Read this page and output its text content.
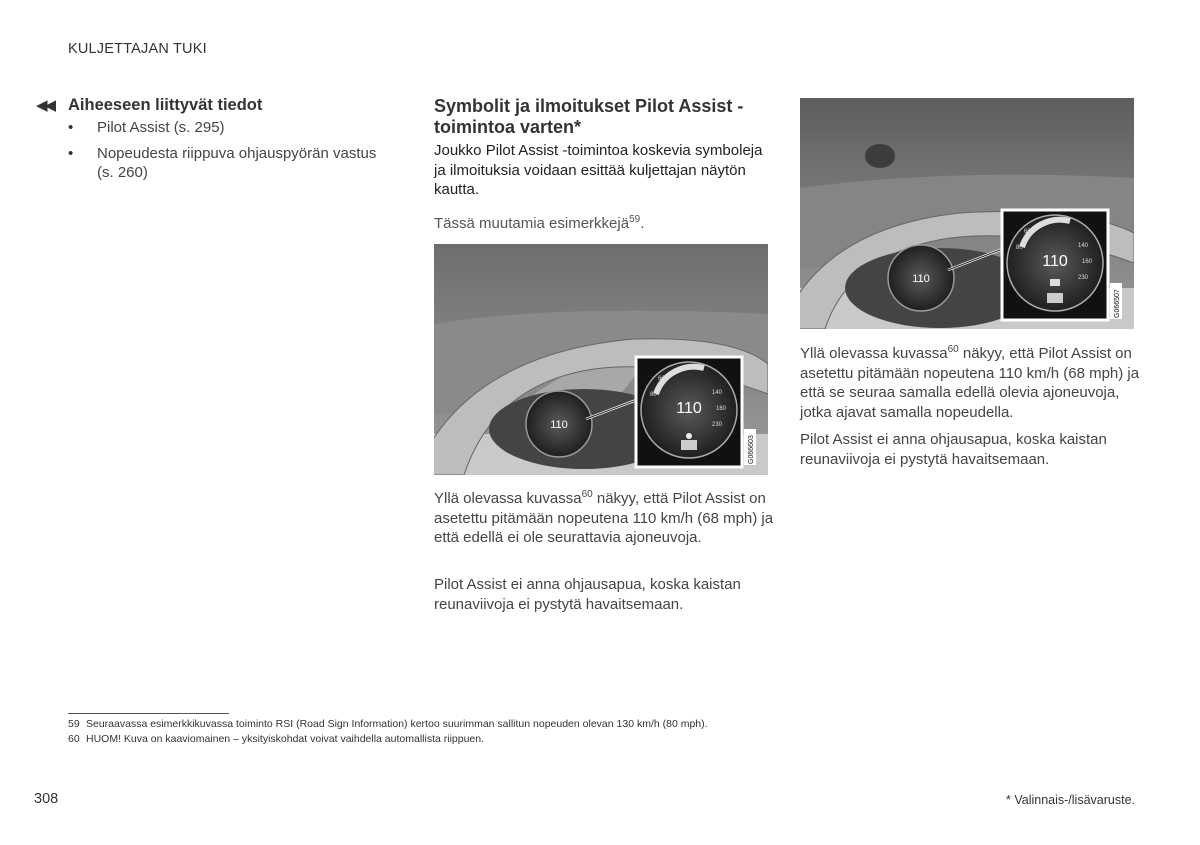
KULJETTAJAN TUKI
◀◀ Aiheeseen liittyvät tiedot
• Pilot Assist (s. 295)
• Nopeudesta riippuva ohjauspyörän vastus (s. 260)
Symbolit ja ilmoitukset Pilot Assist -toimintoa varten*

Joukko Pilot Assist -toimintoa koskevia symboleja ja ilmoituksia voidaan esittää kuljettajan näytön kautta.

Tässä muutamia esimerkkejä$^{59}$.

110
110
60
80	140
160
230
G066603

Yllä olevassa kuvassa$^{60}$ näkyy, että Pilot Assist on asetettu pitämään nopeutena 110 km/h (68 mph) ja että edellä ei ole seurattavia ajoneuvoja.

Pilot Assist ei anna ohjausapua, koska kaistan reunaviivoja ei pystytä havaitsemaan.

110
110
60
80	140
160
230
G066507

Yllä olevassa kuvassa$^{60}$ näkyy, että Pilot Assist on asetettu pitämään nopeutena 110 km/h (68 mph) ja että se seuraa samalla edellä olevia ajoneuvoja, jotka ajavat samalla nopeudella.

Pilot Assist ei anna ohjausapua, koska kaistan reunaviivoja ei pystytä havaitsemaan.

59 Seuraavassa esimerkkikuvassa toiminto RSI (Road Sign Information) kertoo suurimman sallitun nopeuden olevan 130 km/h (80 mph).
60 HUOM! Kuva on kaaviomainen – yksityiskohdat voivat vaihdella automallista riippuen.
308	* Valinnais-/lisävaruste.
